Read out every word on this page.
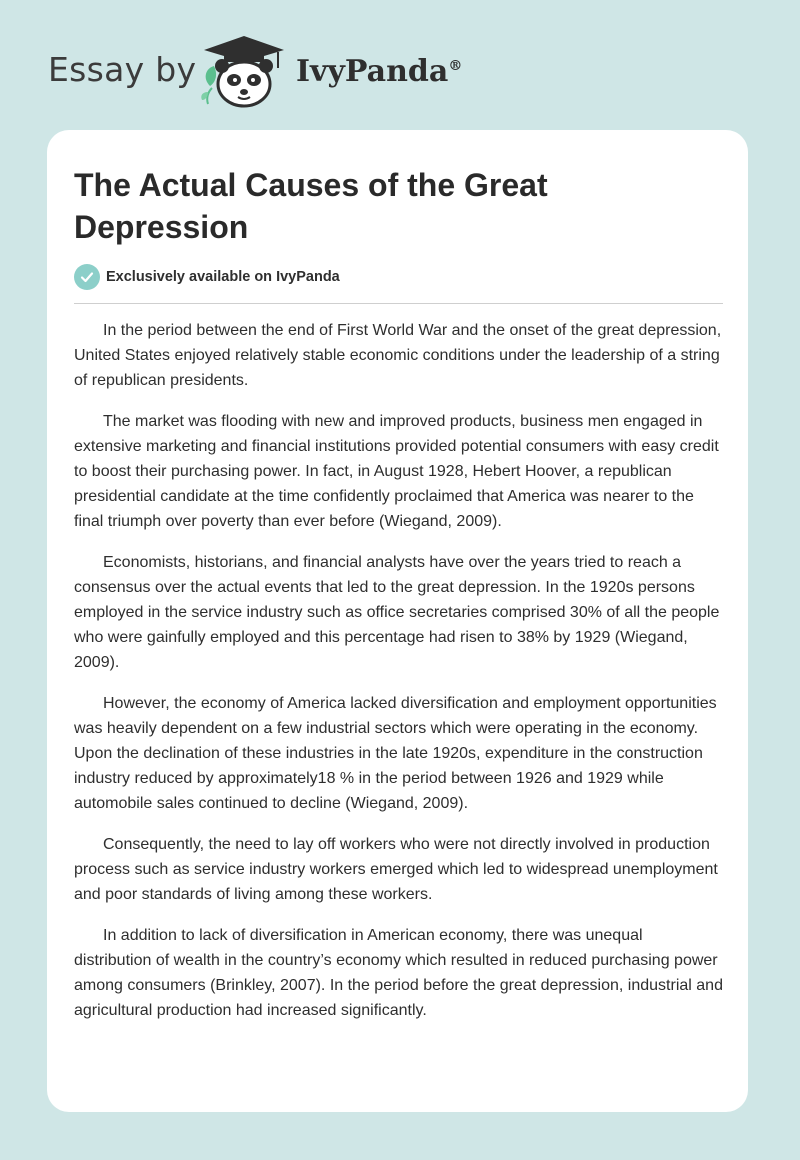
Essay by	IvyPanda®
The Actual Causes of the Great Depression
Exclusively available on IvyPanda

In the period between the end of First World War and the onset of the great depression, United States enjoyed relatively stable economic conditions under the leadership of a string of republican presidents.

The market was flooding with new and improved products, business men engaged in extensive marketing and financial institutions provided potential consumers with easy credit to boost their purchasing power. In fact, in August 1928, Hebert Hoover, a republican presidential candidate at the time confidently proclaimed that America was nearer to the final triumph over poverty than ever before (Wiegand, 2009).

Economists, historians, and financial analysts have over the years tried to reach a consensus over the actual events that led to the great depression. In the 1920s persons employed in the service industry such as office secretaries comprised 30% of all the people who were gainfully employed and this percentage had risen to 38% by 1929 (Wiegand, 2009).

However, the economy of America lacked diversification and employment opportunities was heavily dependent on a few industrial sectors which were operating in the economy. Upon the declination of these industries in the late 1920s, expenditure in the construction industry reduced by approximately18 % in the period between 1926 and 1929 while automobile sales continued to decline (Wiegand, 2009).

Consequently, the need to lay off workers who were not directly involved in production process such as service industry workers emerged which led to widespread unemployment and poor standards of living among these workers.

In addition to lack of diversification in American economy, there was unequal distribution of wealth in the country’s economy which resulted in reduced purchasing power among consumers (Brinkley, 2007). In the period before the great depression, industrial and agricultural production had increased significantly.
